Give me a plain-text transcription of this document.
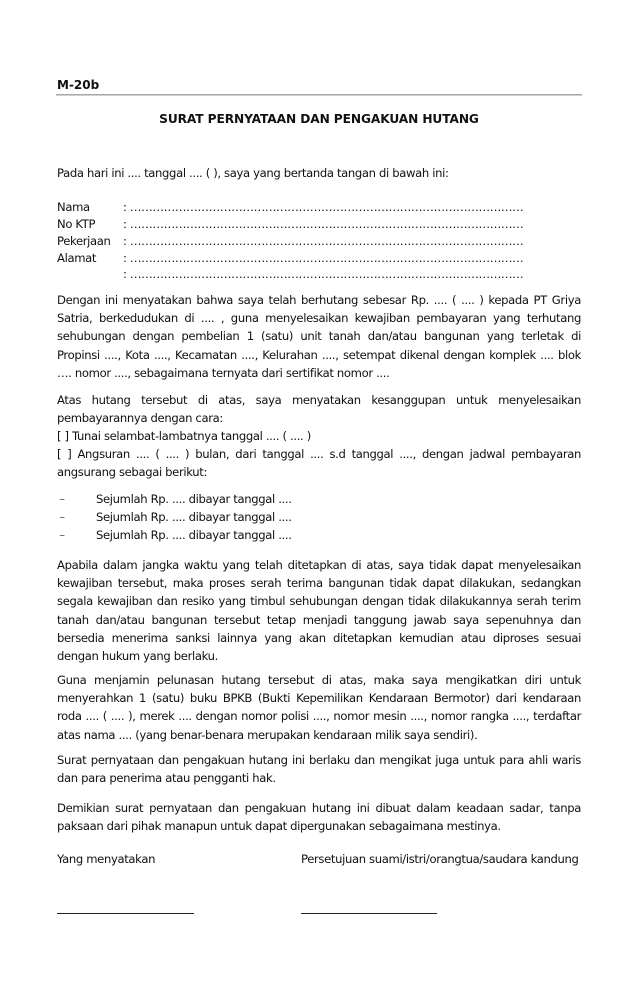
M-20b
SURAT PERNYATAAN DAN PENGAKUAN HUTANG
Pada hari ini .... tanggal .... ( ), saya yang bertanda tangan di bawah ini:
Nama	: ……………………………………………………………………………………………
No KTP : ……………………………………………………………………………………………
Pekerjaan : ……………………………………………………………………………………………
Alamat : ……………………………………………………………………………………………
: ……………………………………………………………………………………………
Dengan ini menyatakan bahwa saya telah berhutang sebesar Rp. .... ( .... ) kepada PT Griya Satria, berkedudukan di .... , guna menyelesaikan kewajiban pembayaran yang terhutang sehubungan dengan pembelian 1 (satu) unit tanah dan/atau bangunan yang terletak di Propinsi ...., Kota ...., Kecamatan ...., Kelurahan ...., setempat dikenal dengan komplek .... blok …. nomor ...., sebagaimana ternyata dari sertifikat nomor ....
Atas hutang tersebut di atas, saya menyatakan kesanggupan untuk menyelesaikan pembayarannya dengan cara:
[ ] Tunai selambat-lambatnya tanggal .... ( .... )
[ ] Angsuran .... ( .... ) bulan, dari tanggal .... s.d tanggal ...., dengan jadwal pembayaran angsurang sebagai berikut:
–	Sejumlah Rp. .... dibayar tanggal ....
–	Sejumlah Rp. .... dibayar tanggal ....
–	Sejumlah Rp. .... dibayar tanggal ....
Apabila dalam jangka waktu yang telah ditetapkan di atas, saya tidak dapat menyelesaikan kewajiban tersebut, maka proses serah terima bangunan tidak dapat dilakukan, sedangkan segala kewajiban dan resiko yang timbul sehubungan dengan tidak dilakukannya serah terim tanah dan/atau bangunan tersebut tetap menjadi tanggung jawab saya sepenuhnya dan bersedia menerima sanksi lainnya yang akan ditetapkan kemudian atau diproses sesuai dengan hukum yang berlaku.
Guna menjamin pelunasan hutang tersebut di atas, maka saya mengikatkan diri untuk menyerahkan 1 (satu) buku BPKB (Bukti Kepemilikan Kendaraan Bermotor) dari kendaraan roda .... ( .... ), merek .... dengan nomor polisi ...., nomor mesin ...., nomor rangka ...., terdaftar atas nama .... (yang benar-benara merupakan kendaraan milik saya sendiri).
Surat pernyataan dan pengakuan hutang ini berlaku dan mengikat juga untuk para ahli waris dan para penerima atau pengganti hak.
Demikian surat pernyataan dan pengakuan hutang ini dibuat dalam keadaan sadar, tanpa paksaan dari pihak manapun untuk dapat dipergunakan sebagaimana mestinya.
Yang menyatakan	Persetujuan suami/istri/orangtua/saudara kandung
